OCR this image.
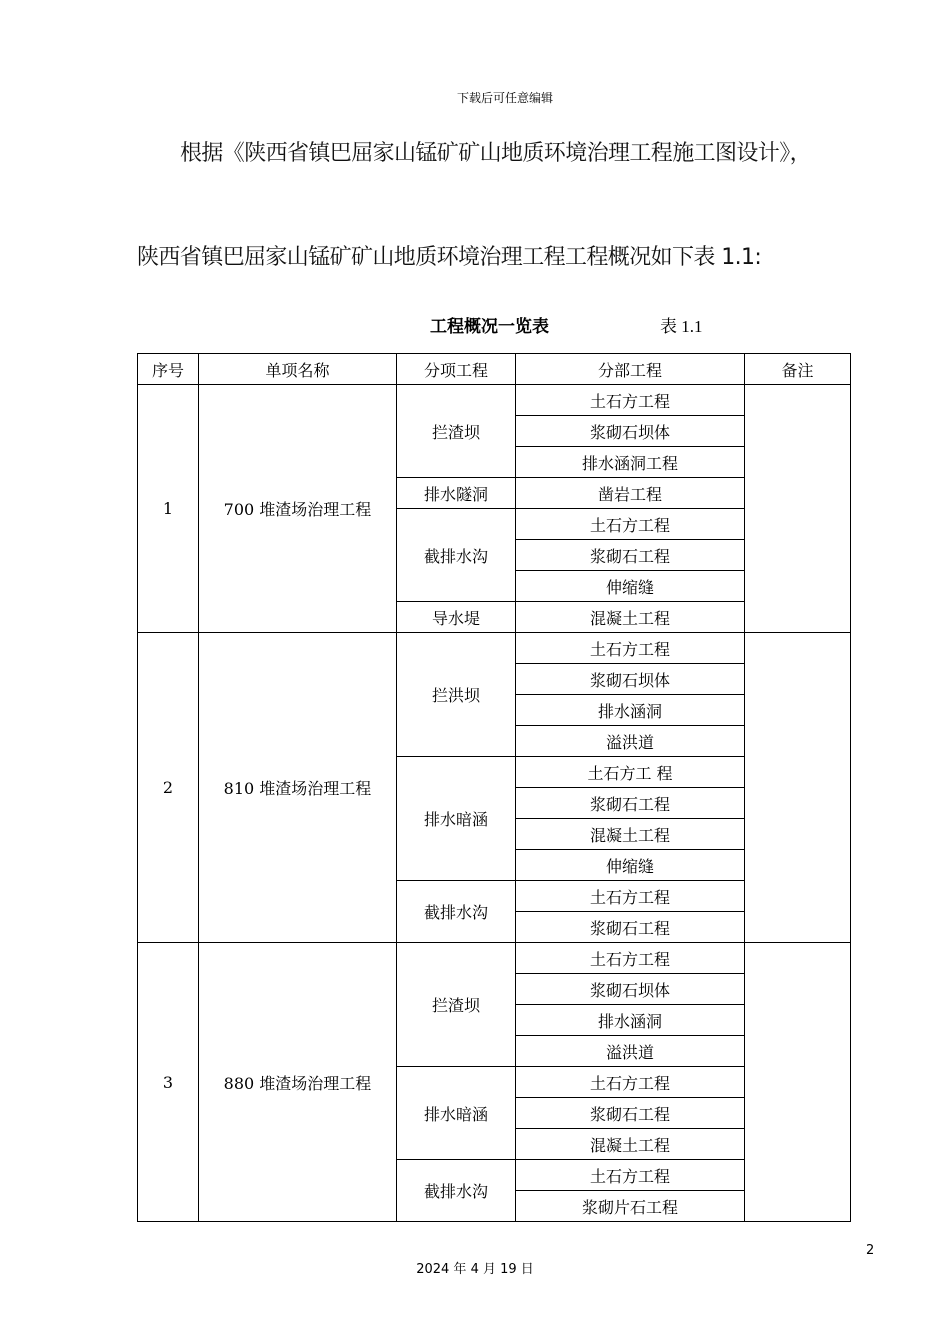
下载后可任意编辑
根据《陕西省镇巴屈家山锰矿矿山地质环境治理工程施工图设计》，
陕西省镇巴屈家山锰矿矿山地质环境治理工程工程概况如下表 1.1:
工程概况一览表	表 1.1
序号	单项名称	分项工程	分部工程	备注
1	700 堆渣场治理工程	拦渣坝	土石方工程	
			浆砌石坝体	
			排水涵洞工程	
		排水隧洞	凿岩工程	
		截排水沟	土石方工程	
			浆砌石工程	
			伸缩缝	
		导水堤	混凝土工程	
2	810 堆渣场治理工程	拦洪坝	土石方工程	
			浆砌石坝体	
			排水涵洞	
			溢洪道	
		排水暗涵	土石方工 程	
			浆砌石工程	
			混凝土工程	
			伸缩缝	
		截排水沟	土石方工程	
			浆砌石工程	
3	880 堆渣场治理工程	拦渣坝	土石方工程	
			浆砌石坝体	
			排水涵洞	
			溢洪道	
		排水暗涵	土石方工程	
			浆砌石工程	
			混凝土工程	
		截排水沟	土石方工程	
			浆砌片石工程	
2024 年 4 月 19 日
2
